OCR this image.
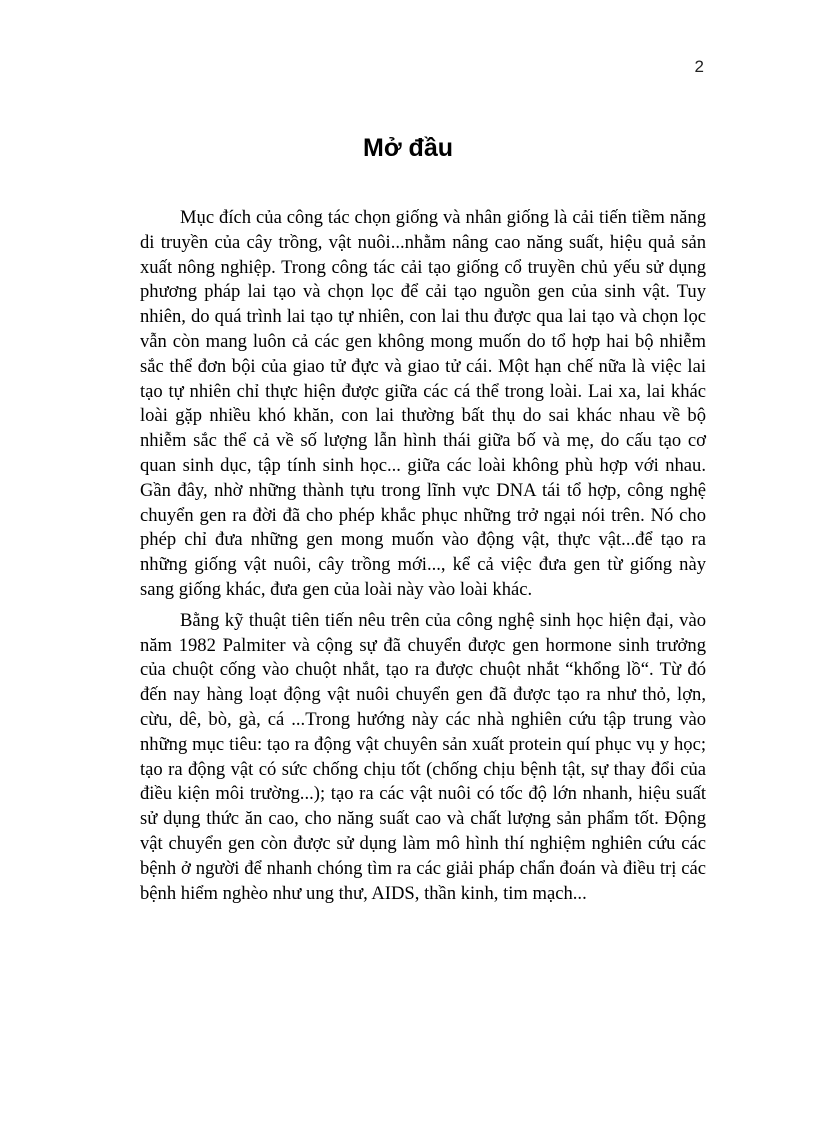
2
Mở đầu

Mục đích của công tác chọn giống và nhân giống là cải tiến tiềm năng di truyền của cây trồng, vật nuôi...nhằm nâng cao năng suất, hiệu quả sản xuất nông nghiệp. Trong công tác cải tạo giống cổ truyền chủ yếu sử dụng phương pháp lai tạo và chọn lọc để cải tạo nguồn gen của sinh vật. Tuy nhiên, do quá trình lai tạo tự nhiên, con lai thu được qua lai tạo và chọn lọc vẫn còn mang luôn cả các gen không mong muốn do tổ hợp hai bộ nhiễm sắc thể đơn bội của giao tử đực và giao tử cái. Một hạn chế nữa là việc lai tạo tự nhiên chỉ thực hiện được giữa các cá thể trong loài. Lai xa, lai khác loài gặp nhiều khó khăn, con lai thường bất thụ do sai khác nhau về bộ nhiễm sắc thể cả về số lượng lẫn hình thái giữa bố và mẹ, do cấu tạo cơ quan sinh dục, tập tính sinh học... giữa các loài không phù hợp với nhau. Gần đây, nhờ những thành tựu trong lĩnh vực DNA tái tổ hợp, công nghệ chuyển gen ra đời đã cho phép khắc phục những trở ngại nói trên. Nó cho phép chỉ đưa những gen mong muốn vào động vật, thực vật...để tạo ra những giống vật nuôi, cây trồng mới..., kể cả việc đưa gen từ giống này sang giống khác, đưa gen của loài này vào loài khác.

Bằng kỹ thuật tiên tiến nêu trên của công nghệ sinh học hiện đại, vào năm 1982 Palmiter và cộng sự đã chuyển được gen hormone sinh trưởng của chuột cống vào chuột nhắt, tạo ra được chuột nhắt “khổng lồ“. Từ đó đến nay hàng loạt động vật nuôi chuyển gen đã được tạo ra như thỏ, lợn, cừu, dê, bò, gà, cá ...Trong hướng này các nhà nghiên cứu tập trung vào những mục tiêu: tạo ra động vật chuyên sản xuất protein quí phục vụ y học; tạo ra động vật có sức chống chịu tốt (chống chịu bệnh tật, sự thay đổi của điều kiện môi trường...); tạo ra các vật nuôi có tốc độ lớn nhanh, hiệu suất sử dụng thức ăn cao, cho năng suất cao và chất lượng sản phẩm tốt. Động vật chuyển gen còn được sử dụng làm mô hình thí nghiệm nghiên cứu các bệnh ở người để nhanh chóng tìm ra các giải pháp chẩn đoán và điều trị các bệnh hiểm nghèo như ung thư, AIDS, thần kinh, tim mạch...
